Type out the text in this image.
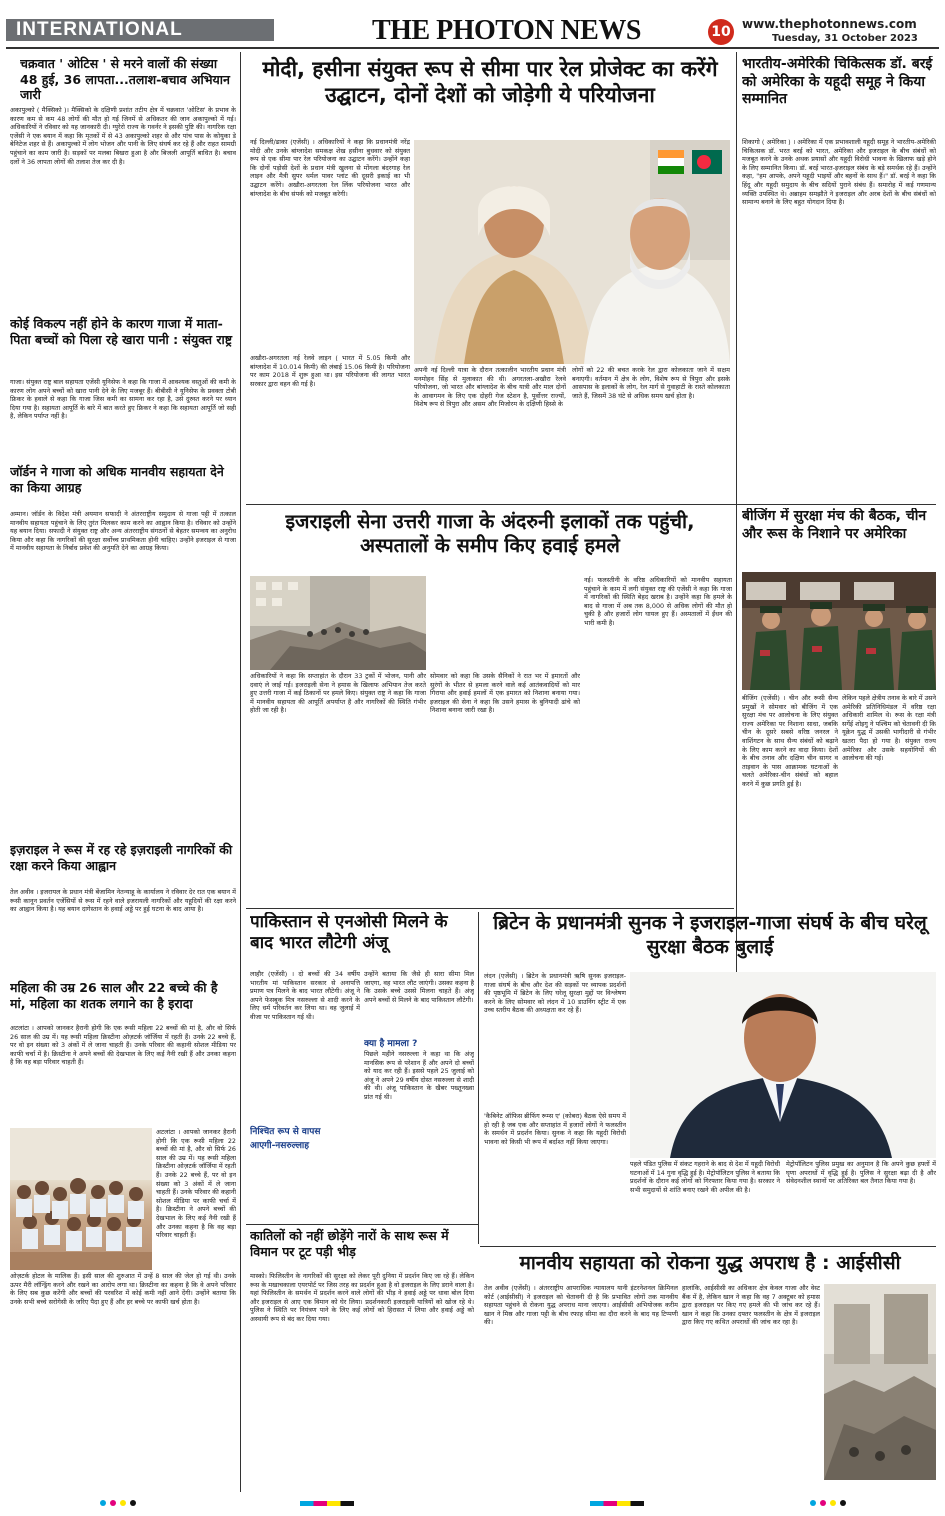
INTERNATIONAL	THE PHOTON NEWS	10 www.thephotonnews.com
Tuesday, 31 October 2023
चक्रवात ' ओटिस ' से मरने वालों की संख्या 48 हुई, 36 लापता...तलाश-बचाव अभियान जारी
अकापुल्को ( मैक्सिको )। मैक्सिको के दक्षिणी प्रशांत तटीय क्षेत्र में चक्रवात 'ओटिस' के प्रभाव के कारण कम से कम 48 लोगों की मौत हो गई जिनमें से अधिकतर की जान अकापुल्को में गई।अधिकारियों ने रविवार को यह जानकारी दी। ग्युरेरो राज्य के गवर्नर ने इसकी पुष्टि की। नागरिक रक्षा एजेंसी ने एक बयान में कहा कि मृतकों में से 43 अकापुल्को शहर से और पांच पास के कोयुका डे बेनिटेज शहर से हैं। अकापुल्को में लोग भोजन और पानी के लिए संघर्ष कर रहे हैं और राहत सामग्री पहुंचाने का काम जारी है। सड़कों पर मलबा बिखरा हुआ है और बिजली आपूर्ति बाधित है। बचाव दलों ने 36 लापता लोगों की तलाश तेज कर दी है।
कोई विकल्प नहीं होने के कारण गाजा में माता-पिता बच्चों को पिला रहे खारा पानी : संयुक्त राष्ट्र
गाजा। संयुक्त राष्ट्र बाल सहायता एजेंसी यूनिसेफ ने कहा कि गाजा में आवश्यक वस्तुओं की कमी के कारण लोग अपने बच्चों को खारा पानी देने के लिए मजबूर हैं। बीबीसी ने यूनिसेफ के प्रवक्ता टोबी फ्रिकर के हवाले से कहा कि गाजा जिस कमी का सामना कर रहा है, उसे दुरुस्त करने पर ध्यान दिया गया है। सहायता आपूर्ति के बारे में बात करते हुए फ्रिकर ने कहा कि सहायता आपूर्ति जो सही है, लेकिन पर्याप्त नहीं है।
जॉर्डन ने गाजा को अधिक मानवीय सहायता देने का किया आग्रह
अम्मान। जॉर्डन के विदेश मंत्री अयमान सफादी ने अंतरराष्ट्रीय समुदाय से गाजा पट्टी में तत्काल मानवीय सहायता पहुंचाने के लिए तुरंत मिलकर काम करने का आह्वान किया है। रविवार को उन्होंने यह बयान दिया। सफादी ने संयुक्त राष्ट्र और अन्य अंतरराष्ट्रीय संगठनों से बेहतर समन्वय का अनुरोध किया और कहा कि नागरिकों की सुरक्षा सर्वोच्च प्राथमिकता होनी चाहिए। उन्होंने इजराइल से गाजा में मानवीय सहायता के निर्बाध प्रवेश की अनुमति देने का आग्रह किया।
इज़राइल ने रूस में रह रहे इज़राइली नागरिकों की रक्षा करने किया आह्वान
तेल अवीव । इजरायल के प्रधान मंत्री बेंजामिन नेतन्याहू के कार्यालय ने रविवार देर रात एक बयान में रूसी कानून प्रवर्तन एजेंसियों से रूस में रहने वाले इजरायली नागरिकों और यहूदियों की रक्षा करने का आह्वान किया है। यह बयान दागेस्तान के हवाई अड्डे पर हुई घटना के बाद आया है।
महिला की उम्र 26 साल और 22 बच्चे की है मां, महिला का शतक लगाने का है इरादा
अटलांटा । आपको जानकर हैरानी होगी कि एक रूसी महिला 22 बच्चों की मां है, और वो सिर्फ 26 साल की उम्र में। यह रूसी महिला क्रिस्टीना ओज़टर्क जॉर्जिया में रहती हैं। उनके 22 बच्चे हैं, पर वो इन संख्या को 3 अंकों में ले जाना चाहती हैं। उनके परिवार की कहानी सोशल मीडिया पर काफी चर्चा में है। क्रिस्टीना ने अपने बच्चों की देखभाल के लिए कई नैनी रखी हैं और उनका कहना है कि वह बड़ा परिवार चाहती हैं।
अटलांटा । आपको जानकर हैरानी होगी कि एक रूसी महिला 22 बच्चों की मां है, और वो सिर्फ 26 साल की उम्र में। यह रूसी महिला क्रिस्टीना ओज़टर्क जॉर्जिया में रहती हैं। उनके 22 बच्चे हैं, पर वो इन संख्या को 3 अंकों में ले जाना चाहती हैं। उनके परिवार की कहानी सोशल मीडिया पर काफी चर्चा में है। क्रिस्टीना ने अपने बच्चों की देखभाल के लिए कई नैनी रखी हैं और उनका कहना है कि वह बड़ा परिवार चाहती हैं।
ओज़टर्क होटल के मालिक हैं। इसी साल की शुरुआत में उन्हें 8 साल की जेल हो गई थी। उनके ऊपर मैरी लॉन्ड्रिंग करने और रखने का आरोप लगा था। क्रिस्टीना का कहना है कि वे अपने परिवार के लिए सब कुछ करेंगी और बच्चों की परवरिश में कोई कमी नहीं आने देंगी। उन्होंने बताया कि उनके सभी बच्चे सरोगेसी के जरिए पैदा हुए हैं और हर बच्चे पर काफी खर्च होता है।
मोदी, हसीना संयुक्त रूप से सीमा पार रेल प्रोजेक्ट का करेंगे उद्घाटन, दोनों देशों को जोड़ेगी ये परियोजना
नई दिल्ली/ढाका (एजेंसी) । अधिकारियों ने कहा कि प्रधानमंत्री नरेंद्र मोदी और उनके बांग्लादेश समकक्ष शेख हसीना बुधवार को संयुक्त रूप से एक सीमा पार रेल परियोजना का उद्घाटन करेंगे। उन्होंने कहा कि दोनों पड़ोसी देशों के प्रधान मंत्री खुलना से मोंगला बंदरगाह रेल लाइन और मैत्री सुपर थर्मल पावर प्लांट की दूसरी इकाई का भी उद्घाटन करेंगे। अखौरा-अगरतला रेल लिंक परियोजना भारत और बांग्लादेश के बीच संपर्क को मजबूत करेगी।
अखौरा-अगरतला नई रेलवे लाइन ( भारत में 5.05 किमी और बांग्लादेश में 10.014 किमी) की लंबाई 15.06 किमी है। परियोजना पर काम 2018 में शुरू हुआ था। इस परियोजना की लागत भारत सरकार द्वारा वहन की गई है।
अपनी नई दिल्ली यात्रा के दौरान तत्कालीन भारतीय प्रधान मंत्री मनमोहन सिंह से मुलाकात की थी। अगरतला-अखौरा रेलवे परियोजना, जो भारत और बांग्लादेश के बीच यात्री और माल दोनों के आवागमन के लिए एक दोहरी गेज स्टेशन है, पूर्वोत्तर राज्यों, विशेष रूप से त्रिपुरा और असम और मिजोरम के दक्षिणी हिस्से के
लोगों को 22 की बचत करके रेल द्वारा कोलकाता जाने में सक्षम बनाएगी। वर्तमान में क्षेत्र के लोग, विशेष रूप से त्रिपुरा और इसके आसपास के इलाकों के लोग, रेल मार्ग से गुवाहाटी के रास्ते कोलकाता जाते हैं, जिसमें 38 घंटे से अधिक समय खर्च होता है।
भारतीय-अमेरिकी चिकित्सक डॉ. बरई को अमेरिका के यहूदी समूह ने किया सम्मानित
शिकागो ( अमेरिका ) । अमेरिका में एक प्रभावशाली यहूदी समूह ने भारतीय-अमेरिकी चिकित्सक डॉ. भरत बरई को भारत, अमेरिका और इजराइल के बीच संबंधों को मजबूत करने के उनके अथक प्रयासों और यहूदी विरोधी भावना के खिलाफ खड़े होने के लिए सम्मानित किया। डॉ. बरई भारत-इजराइल संबंध के बड़े समर्थक रहे हैं। उन्होंने कहा, "हम आपके, अपने यहूदी भाइयों और बहनों के साथ हैं।" डॉ. बरई ने कहा कि हिंदू और यहूदी समुदाय के बीच सदियों पुराने संबंध हैं। समारोह में कई गणमान्य व्यक्ति उपस्थित थे। अब्राहम समझौते ने इजराइल और अरब देशों के बीच संबंधों को सामान्य बनाने के लिए बहुत योगदान दिया है।
बीजिंग में सुरक्षा मंच की बैठक, चीन और रूस के निशाने पर अमेरिका
बीजिंग (एजेंसी) । चीन और रूसी सैन्य प्रमुखों ने सोमवार को बीजिंग में एक सुरक्षा मंच पर आलोचना के लिए संयुक्त राज्य अमेरिका पर निशाना साधा, जबकि चीन के दूसरे सबसे वरिष्ठ जनरल ने वाशिंगटन के साथ सैन्य संबंधों को बढ़ाने के लिए काम करने का वादा किया। देशों के बीच तनाव और दक्षिण चीन सागर व ताइवान के पास आक्रामक घटनाओं के चलते अमेरिका-चीन संबंधों को बहाल करने में कुछ प्रगति हुई है।
लेकिन पहले क्षेत्रीय तनाव के बारे में उसने अमेरिकी प्रतिनिधिमंडल में वरिष्ठ रक्षा अधिकारी शामिल थे। रूस के रक्षा मंत्री सर्गेई शोइगु ने पश्चिम को चेतावनी दी कि यूक्रेन युद्ध में उसकी भागीदारी से गंभीर खतरा पैदा हो गया है। संयुक्त राज्य अमेरिका और उसके सहयोगियों की आलोचना की गई।
इजराइली सेना उत्तरी गाजा के अंदरुनी इलाकों तक पहुंची, अस्पतालों के समीप किए हवाई हमले
अधिकारियों ने कहा कि सप्ताहांत के दौरान 33 ट्रकों में भोजन, पानी और दवाएं ले जाई गईं। इजराइली सेना ने हमास के खिलाफ अभियान तेज करते हुए उत्तरी गाजा में कई ठिकानों पर हमले किए। संयुक्त राष्ट्र ने कहा कि गाजा में मानवीय सहायता की आपूर्ति अपर्याप्त है और नागरिकों की स्थिति गंभीर होती जा रही है।
सोमवार को कहा कि उसके सैनिकों ने रात भर में इमारतों और सुरंगों के भीतर से हमला करने वाले कई आतंकवादियों को मार गिराया और हवाई हमलों में एक इमारत को निशाना बनाया गया। इजराइल की सेना ने कहा कि उसने हमास के बुनियादी ढांचे को निशाना बनाना जारी रखा है।
नई। फलस्तीनी के वरिष्ठ अधिकारियों को मानवीय सहायता पहुंचाने के काम में लगी संयुक्त राष्ट्र की एजेंसी ने कहा कि गाजा में नागरिकों की स्थिति बेहद खराब है। उन्होंने कहा कि हमले के बाद से गाजा में अब तक 8,000 से अधिक लोगों की मौत हो चुकी है और हजारों लोग घायल हुए हैं। अस्पतालों में ईंधन की भारी कमी है।
पाकिस्तान से एनओसी मिलने के बाद भारत लौटेगी अंजू
लाहौर (एजेंसी) । दो बच्चों की 34 वर्षीय भारतीय मां पाकिस्तान सरकार से अनापत्ति प्रमाण पत्र मिलने के बाद भारत लौटेगी। अंजू ने अपने फेसबुक मित्र नसरुल्ला से शादी करने के लिए धर्म परिवर्तन कर लिया था। वह जुलाई में वीजा पर पाकिस्तान गई थी।
उन्होंने बताया कि जैसे ही सारा सीमा मिल जाएगा, वह भारत लौट जाएंगी। उसका कहना है कि उसके बच्चे उससे मिलना चाहते हैं। अंजू अपने बच्चों से मिलने के बाद पाकिस्तान लौटेगी।
क्या है मामला ?
पिछले महीने नसरुल्ला ने कहा था कि अंजू मानसिक रूप से परेशान हैं और अपने दो बच्चों को याद कर रही हैं। इससे पहले 25 जुलाई को अंजू ने अपने 29 वर्षीय दोस्त नसरुल्ला से शादी की थी। अंजू पाकिस्तान के खैबर पख्तूनख्वा प्रांत गई थी।
निश्चित रूप से वापस
आएगी-नसरुल्लाह
कातिलों को नहीं छोड़ेंगे नारों के साथ रूस में विमान पर टूट पड़ी भीड़
मास्को। फिलिस्तीन के नागरिकों की सुरक्षा को लेकर पूरी दुनिया में प्रदर्शन किए जा रहे हैं। लेकिन रूस के मखाचकाला एयरपोर्ट पर जिस तरह का प्रदर्शन हुआ है वो इजराइल के लिए डराने वाला है। यहां फिलिस्तीन के समर्थन में प्रदर्शन करने वाले लोगों की भीड़ ने हवाई अड्डे पर धावा बोल दिया और इजराइल से आए एक विमान को घेर लिया। प्रदर्शनकारी इजराइली यात्रियों को खोज रहे थे। पुलिस ने स्थिति पर नियंत्रण पाने के लिए कई लोगों को हिरासत में लिया और हवाई अड्डे को अस्थायी रूप से बंद कर दिया गया।
ब्रिटेन के प्रधानमंत्री सुनक ने इजराइल-गाजा संघर्ष के बीच घरेलू सुरक्षा बैठक बुलाई
लंदन (एजेंसी) । ब्रिटेन के प्रधानमंत्री ऋषि सुनक इजराइल-गाजा संघर्ष के बीच और देश की सड़कों पर व्यापक प्रदर्शनों की पृष्ठभूमि में ब्रिटेन के लिए घरेलू सुरक्षा मुद्दों पर विश्लेषण करने के लिए सोमवार को लंदन में 10 डाउनिंग स्ट्रीट में एक उच्च स्तरीय बैठक की अध्यक्षता कर रहे हैं।
'कैबिनेट ऑफिस ब्रीफिंग रूम्स ए' (कोबरा) बैठक ऐसे समय में हो रही है जब एक और सप्ताहांत में हजारों लोगों ने फलस्तीन के समर्थन में प्रदर्शन किया। सुनक ने कहा कि यहूदी विरोधी भावना को किसी भी रूप में बर्दाश्त नहीं किया जाएगा।
पहले पंडित पुलिस में संकट गहराने के बाद से देश में यहूदी विरोधी घटनाओं में 14 गुना वृद्धि हुई है। मेट्रोपॉलिटन पुलिस ने बताया कि प्रदर्शनों के दौरान कई लोगों को गिरफ्तार किया गया है। सरकार ने सभी समुदायों से शांति बनाए रखने की अपील की है।
मेट्रोपॉलिटन पुलिस प्रमुख का अनुमान है कि अपने कुछ हफ्तों में घृणा अपराधों में वृद्धि हुई है। पुलिस ने सुरक्षा बढ़ा दी है और संवेदनशील स्थानों पर अतिरिक्त बल तैनात किया गया है।
मानवीय सहायता को रोकना युद्ध अपराध है : आईसीसी
तेल अवीव (एजेंसी) । अंतरराष्ट्रीय आपराधिक न्यायालय यानी इंटरनेशनल क्रिमिनल कोर्ट (आईसीसी) ने इजराइल को चेतावनी दी है कि प्रभावित लोगों तक मानवीय सहायता पहुंचने से रोकना युद्ध अपराध माना जाएगा। आईसीसी अभियोजक करीम खान ने मिस्र और गाजा पट्टी के बीच रफाह सीमा का दौरा करने के बाद यह टिप्पणी की।
हालांकि, आईसीसी का अधिकार क्षेत्र केवल गाजा और वेस्ट बैंक में है, लेकिन खान ने कहा कि वह 7 अक्टूबर को हमास द्वारा इजराइल पर किए गए हमले की भी जांच कर रहे हैं। खान ने कहा कि उनका दफ्तर फलस्तीन के क्षेत्र में इजराइल द्वारा किए गए कथित अपराधों की जांच कर रहा है।
